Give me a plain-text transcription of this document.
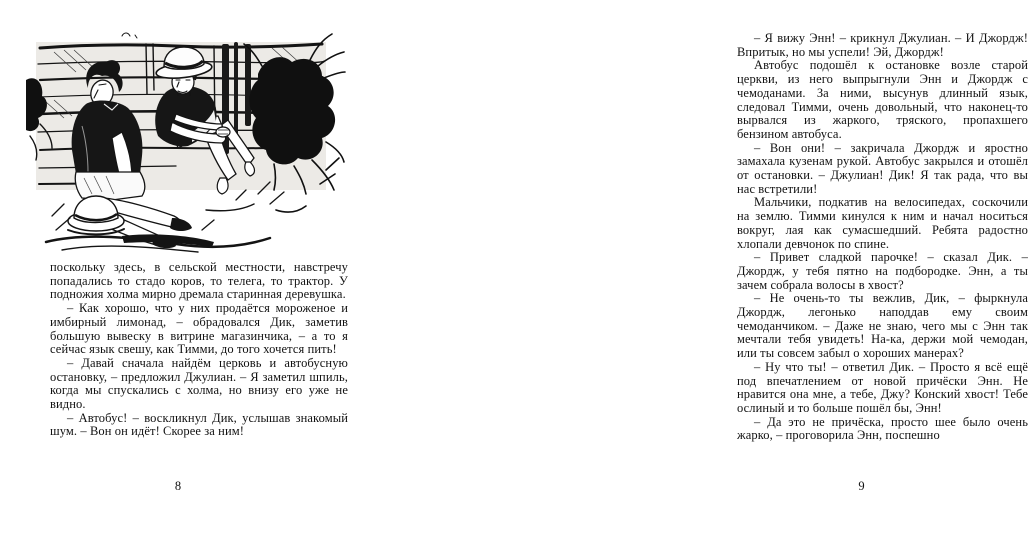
поскольку здесь, в сельской местности, навстречу попадались то стадо коров, то телега, то трактор. У подножия холма мирно дремала старинная деревушка.

– Как хорошо, что у них продаётся мороженое и имбирный лимонад, – обрадовался Дик, заметив большую вывеску в витрине магазинчика, – а то я сейчас язык свешу, как Тимми, до того хочется пить!

– Давай сначала найдём церковь и автобусную остановку, – предложил Джулиан. – Я заметил шпиль, когда мы спускались с холма, но внизу его уже не видно.

– Автобус! – воскликнул Дик, услышав знакомый шум. – Вон он идёт! Скорее за ним!

8

– Я вижу Энн! – крикнул Джулиан. – И Джордж! Впритык, но мы успели! Эй, Джордж!

Автобус подошёл к остановке возле старой церкви, из него выпрыгнули Энн и Джордж с чемоданами. За ними, высунув длинный язык, следовал Тимми, очень довольный, что наконец-то вырвался из жаркого, тряского, пропахшего бензином автобуса.

– Вон они! – закричала Джордж и яростно замахала кузенам рукой. Автобус закрылся и отошёл от остановки. – Джулиан! Дик! Я так рада, что вы нас встретили!

Мальчики, подкатив на велосипедах, соскочили на землю. Тимми кинулся к ним и начал носиться вокруг, лая как сумасшедший. Ребята радостно хлопали девчонок по спине.

– Привет сладкой парочке! – сказал Дик. – Джордж, у тебя пятно на подбородке. Энн, а ты зачем собрала волосы в хвост?

– Не очень-то ты вежлив, Дик, – фыркнула Джордж, легонько наподдав ему своим чемоданчиком. – Даже не знаю, чего мы с Энн так мечтали тебя увидеть! На-ка, держи мой чемодан, или ты совсем забыл о хороших манерах?

– Ну что ты! – ответил Дик. – Просто я всё ещё под впечатлением от новой причёски Энн. Не нравится она мне, а тебе, Джу? Конский хвост! Тебе ослиный и то больше пошёл бы, Энн!

– Да это не причёска, просто шее было очень жарко, – проговорила Энн, поспешно

9
